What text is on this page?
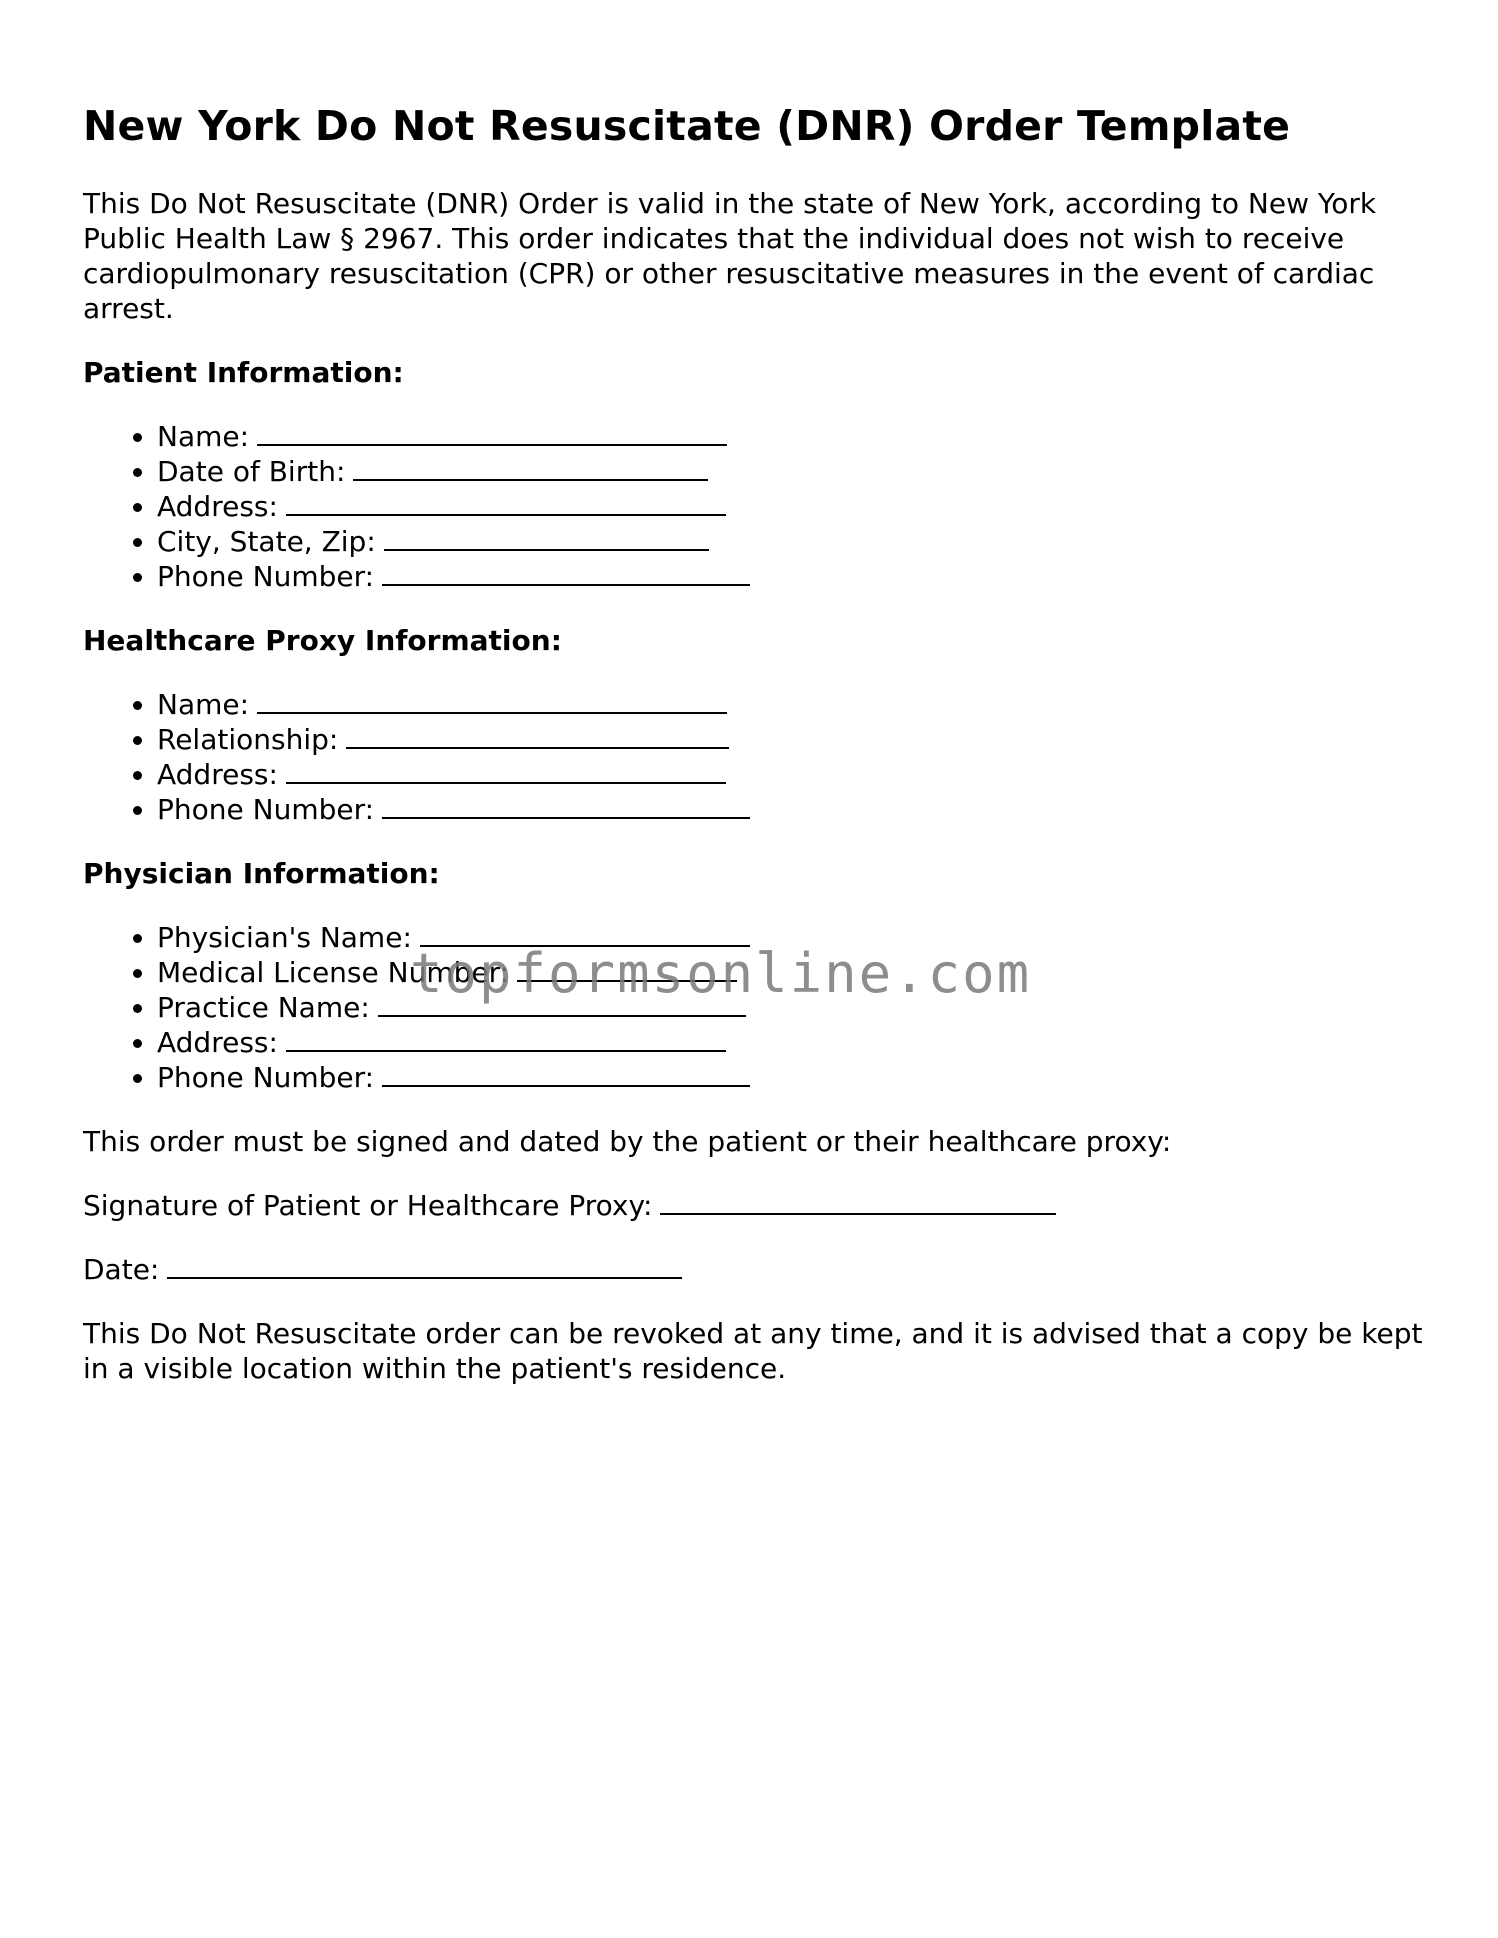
New York Do Not Resuscitate (DNR) Order Template

This Do Not Resuscitate (DNR) Order is valid in the state of New York, according to New York Public Health Law § 2967. This order indicates that the individual does not wish to receive cardiopulmonary resuscitation (CPR) or other resuscitative measures in the event of cardiac arrest.

Patient Information:
• Name:
• Date of Birth:
• Address:
• City, State, Zip:
• Phone Number:
Healthcare Proxy Information:
• Name:
• Relationship:
• Address:
• Phone Number:
Physician Information:
• Physician's Name:
• Medical License Number:
• Practice Name:
• Address:
• Phone Number:

This order must be signed and dated by the patient or their healthcare proxy:

Signature of Patient or Healthcare Proxy:

Date:

This Do Not Resuscitate order can be revoked at any time, and it is advised that a copy be kept in a visible location within the patient's residence.

topformsonline.com
